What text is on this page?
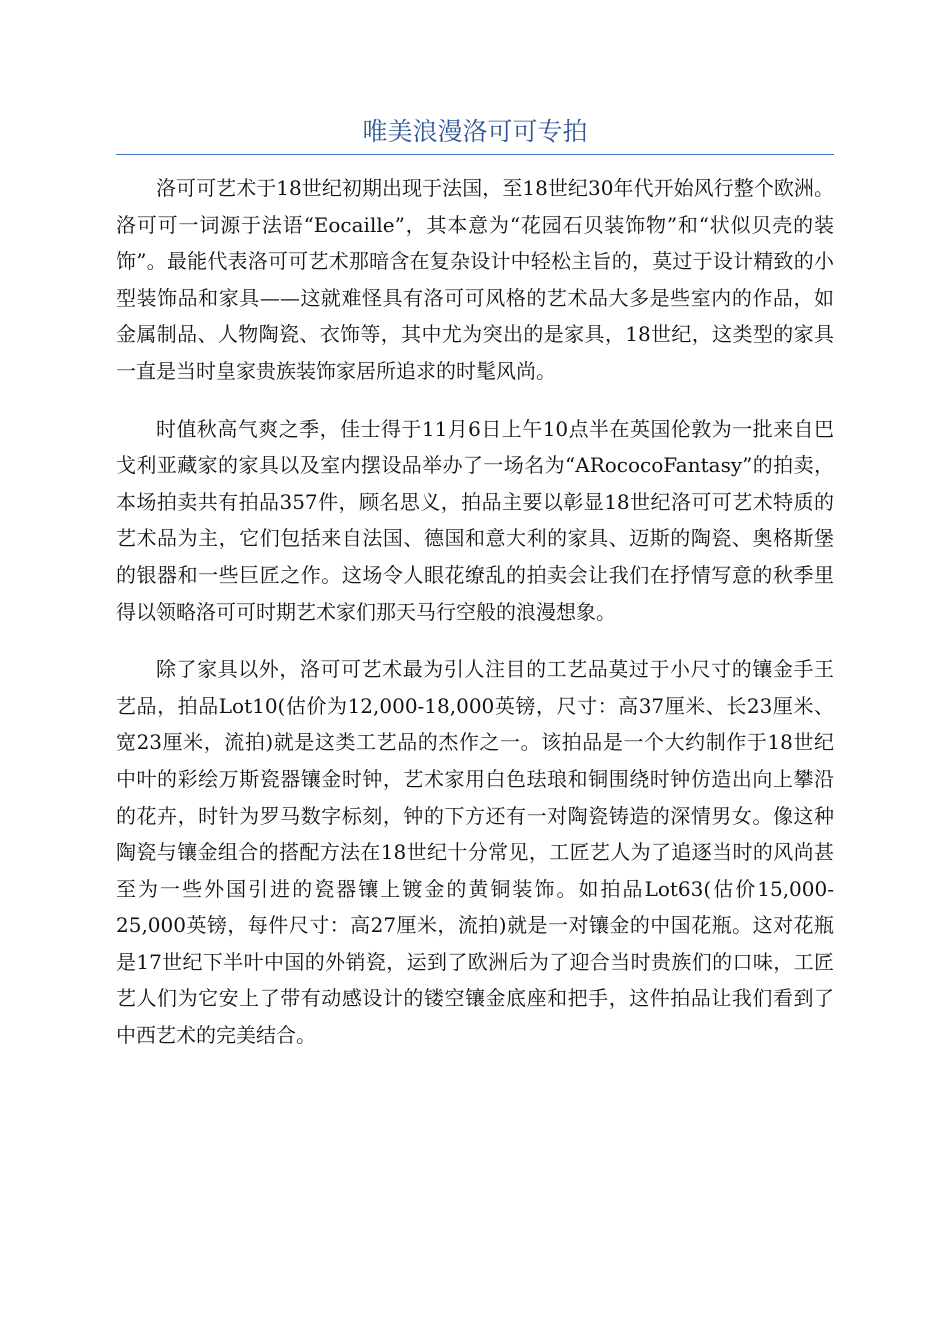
唯美浪漫洛可可专拍

洛可可艺术于18世纪初期出现于法国，至18世纪30年代开始风行整个欧洲。洛可可一词源于法语“Eocaille”，其本意为“花园石贝装饰物”和“状似贝壳的装饰”。最能代表洛可可艺术那暗含在复杂设计中轻松主旨的，莫过于设计精致的小型装饰品和家具——这就难怪具有洛可可风格的艺术品大多是些室内的作品，如金属制品、人物陶瓷、衣饰等，其中尤为突出的是家具，18世纪，这类型的家具一直是当时皇家贵族装饰家居所追求的时髦风尚。

时值秋高气爽之季，佳士得于11月6日上午10点半在英国伦敦为一批来自巴戈利亚藏家的家具以及室内摆设品举办了一场名为“ARococoFantasy”的拍卖，本场拍卖共有拍品357件，顾名思义，拍品主要以彰显18世纪洛可可艺术特质的艺术品为主，它们包括来自法国、德国和意大利的家具、迈斯的陶瓷、奥格斯堡的银器和一些巨匠之作。这场令人眼花缭乱的拍卖会让我们在抒情写意的秋季里得以领略洛可可时期艺术家们那天马行空般的浪漫想象。

除了家具以外，洛可可艺术最为引人注目的工艺品莫过于小尺寸的镶金手王艺品，拍品Lot10(估价为12,000-18,000英镑，尺寸：高37厘米、长23厘米、宽23厘米，流拍)就是这类工艺品的杰作之一。该拍品是一个大约制作于18世纪中叶的彩绘万斯瓷器镶金时钟，艺术家用白色珐琅和铜围绕时钟仿造出向上攀沿的花卉，时针为罗马数字标刻，钟的下方还有一对陶瓷铸造的深情男女。像这种陶瓷与镶金组合的搭配方法在18世纪十分常见，工匠艺人为了追逐当时的风尚甚至为一些外国引进的瓷器镶上镀金的黄铜装饰。如拍品Lot63(估价15,000-25,000英镑，每件尺寸：高27厘米，流拍)就是一对镶金的中国花瓶。这对花瓶是17世纪下半叶中国的外销瓷，运到了欧洲后为了迎合当时贵族们的口味，工匠艺人们为它安上了带有动感设计的镂空镶金底座和把手，这件拍品让我们看到了中西艺术的完美结合。
